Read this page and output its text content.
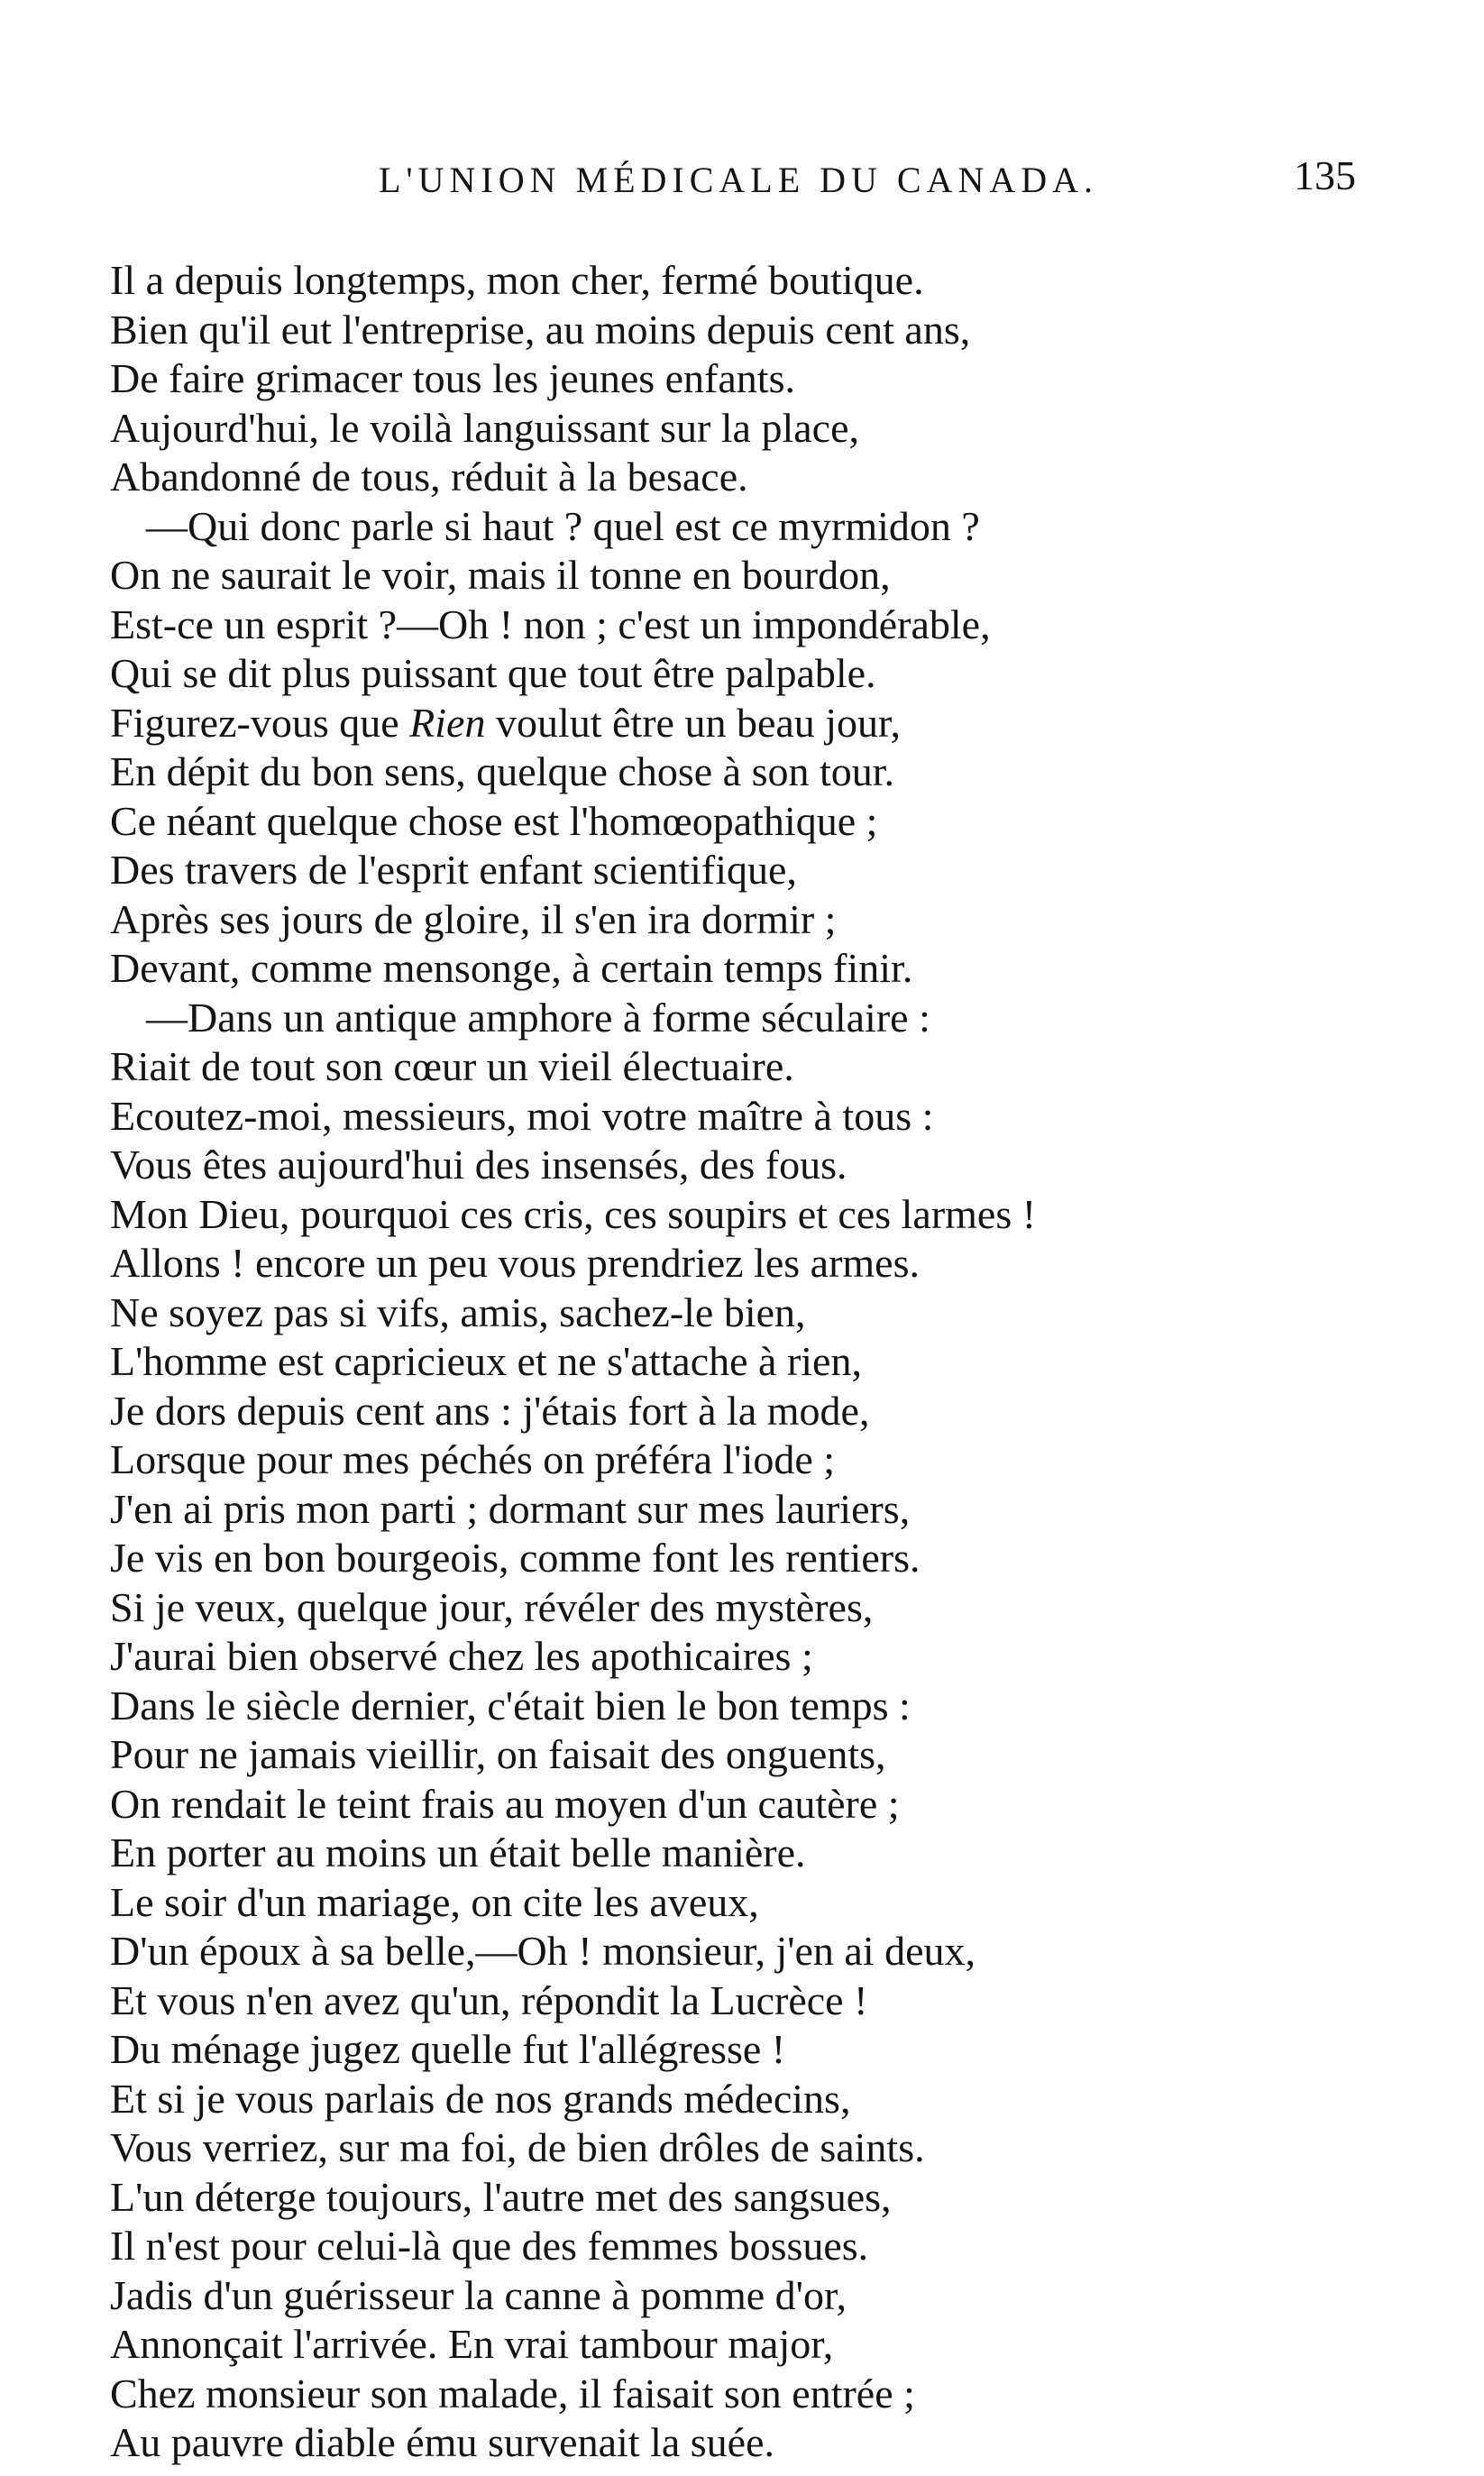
L'UNION MÉDICALE DU CANADA.	135
Il a depuis longtemps, mon cher, fermé boutique.
Bien qu'il eut l'entreprise, au moins depuis cent ans,
De faire grimacer tous les jeunes enfants.
Aujourd'hui, le voilà languissant sur la place,
Abandonné de tous, réduit à la besace.
—Qui donc parle si haut ? quel est ce myrmidon ?
On ne saurait le voir, mais il tonne en bourdon,
Est-ce un esprit ?—Oh ! non ; c'est un impondérable,
Qui se dit plus puissant que tout être palpable.
Figurez-vous que Rien voulut être un beau jour,
En dépit du bon sens, quelque chose à son tour.
Ce néant quelque chose est l'homœopathique ;
Des travers de l'esprit enfant scientifique,
Après ses jours de gloire, il s'en ira dormir ;
Devant, comme mensonge, à certain temps finir.
—Dans un antique amphore à forme séculaire :
Riait de tout son cœur un vieil électuaire.
Ecoutez-moi, messieurs, moi votre maître à tous :
Vous êtes aujourd'hui des insensés, des fous.
Mon Dieu, pourquoi ces cris, ces soupirs et ces larmes !
Allons ! encore un peu vous prendriez les armes.
Ne soyez pas si vifs, amis, sachez-le bien,
L'homme est capricieux et ne s'attache à rien,
Je dors depuis cent ans : j'étais fort à la mode,
Lorsque pour mes péchés on préféra l'iode ;
J'en ai pris mon parti ; dormant sur mes lauriers,
Je vis en bon bourgeois, comme font les rentiers.
Si je veux, quelque jour, révéler des mystères,
J'aurai bien observé chez les apothicaires ;
Dans le siècle dernier, c'était bien le bon temps :
Pour ne jamais vieillir, on faisait des onguents,
On rendait le teint frais au moyen d'un cautère ;
En porter au moins un était belle manière.
Le soir d'un mariage, on cite les aveux,
D'un époux à sa belle,—Oh ! monsieur, j'en ai deux,
Et vous n'en avez qu'un, répondit la Lucrèce !
Du ménage jugez quelle fut l'allégresse !
Et si je vous parlais de nos grands médecins,
Vous verriez, sur ma foi, de bien drôles de saints.
L'un déterge toujours, l'autre met des sangsues,
Il n'est pour celui-là que des femmes bossues.
Jadis d'un guérisseur la canne à pomme d'or,
Annonçait l'arrivée. En vrai tambour major,
Chez monsieur son malade, il faisait son entrée ;
Au pauvre diable ému survenait la suée.
